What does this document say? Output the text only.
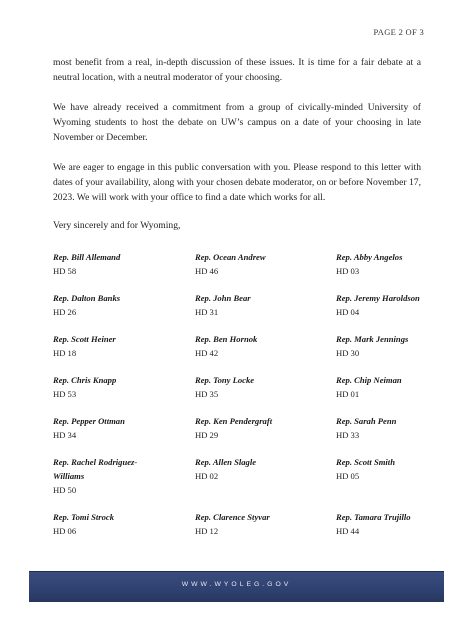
PAGE 2 OF 3

most benefit from a real, in-depth discussion of these issues. It is time for a fair debate at a neutral location, with a neutral moderator of your choosing.

We have already received a commitment from a group of civically-minded University of Wyoming students to host the debate on UW’s campus on a date of your choosing in late November or December.

We are eager to engage in this public conversation with you. Please respond to this letter with dates of your availability, along with your chosen debate moderator, on or before November 17, 2023. We will work with your office to find a date which works for all.

Very sincerely and for Wyoming,
Rep. Bill Allemand
HD 58
Rep. Ocean Andrew
HD 46
Rep. Abby Angelos
HD 03
Rep. Dalton Banks
HD 26
Rep. John Bear
HD 31
Rep. Jeremy Haroldson
HD 04
Rep. Scott Heiner
HD 18
Rep. Ben Hornok
HD 42
Rep. Mark Jennings
HD 30
Rep. Chris Knapp
HD 53
Rep. Tony Locke
HD 35
Rep. Chip Neiman
HD 01
Rep. Pepper Ottman
HD 34
Rep. Ken Pendergraft
HD 29
Rep. Sarah Penn
HD 33
Rep. Rachel Rodriguez-Williams
HD 50
Rep. Allen Slagle
HD 02
Rep. Scott Smith
HD 05
Rep. Tomi Strock
HD 06
Rep. Clarence Styvar
HD 12
Rep. Tamara Trujillo
HD 44
WWW.WYOLEG.GOV
